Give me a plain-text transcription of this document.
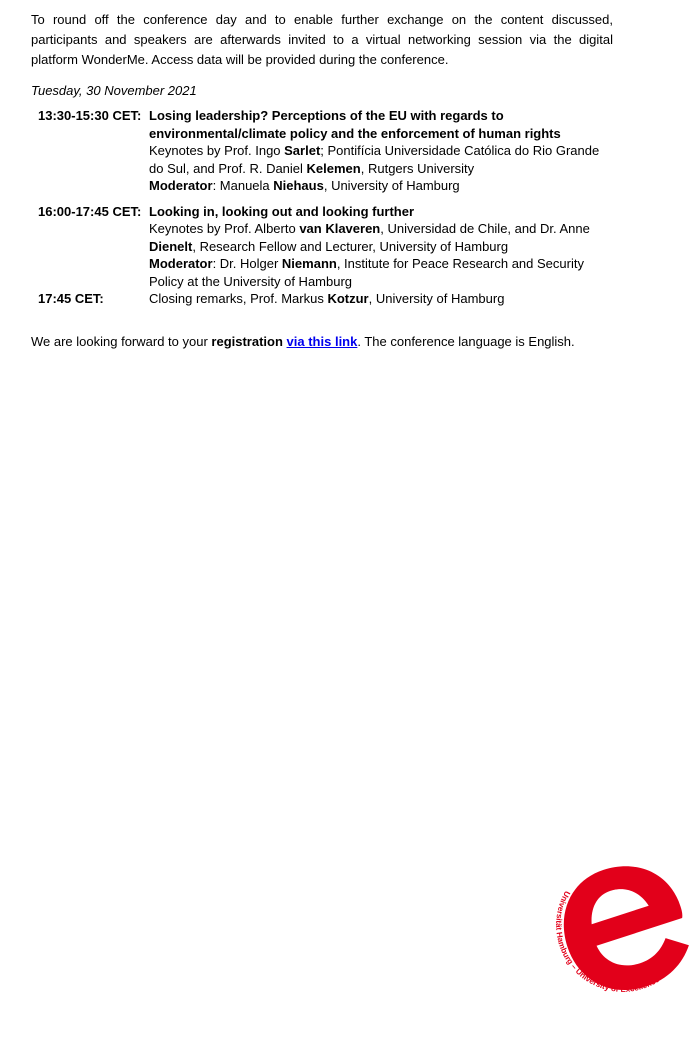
To round off the conference day and to enable further exchange on the content discussed, participants and speakers are afterwards invited to a virtual networking session via the digital platform WonderMe. Access data will be provided during the conference.

Tuesday, 30 November 2021

13:30-15:30 CET: Losing leadership? Perceptions of the EU with regards to environmental/climate policy and the enforcement of human rights
Keynotes by Prof. Ingo Sarlet; Pontifícia Universidade Católica do Rio Grande do Sul, and Prof. R. Daniel Kelemen, Rutgers University
Moderator: Manuela Niehaus, University of Hamburg
16:00-17:45 CET: Looking in, looking out and looking further
Keynotes by Prof. Alberto van Klaveren, Universidad de Chile, and Dr. Anne Dienelt, Research Fellow and Lecturer, University of Hamburg
Moderator: Dr. Holger Niemann, Institute for Peace Research and Security Policy at the University of Hamburg
17:45 CET:	Closing remarks, Prof. Markus Kotzur, University of Hamburg

We are looking forward to your registration via this link. The conference language is English.

Universität Hamburg – University of Excellence
